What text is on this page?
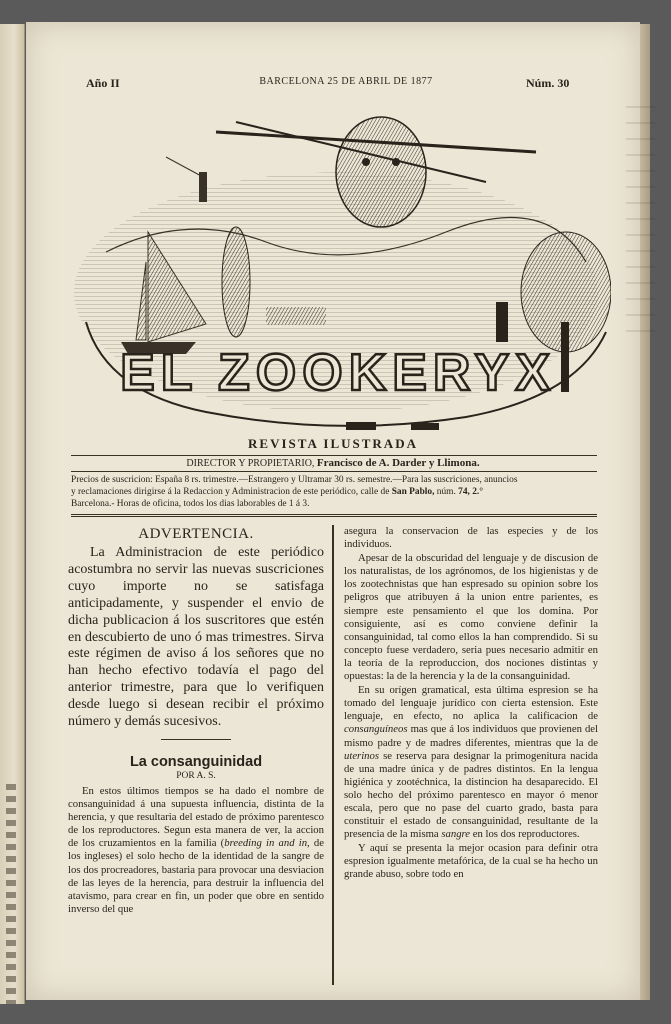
Año II	BARCELONA 25 DE ABRIL DE 1877	Núm. 30
EL ZOOKERYX
REVISTA ILUSTRADA
DIRECTOR Y PROPIETARIO, Francisco de A. Darder y Llimona.
Precios de suscricion: España 8 rs. trimestre.—Estrangero y Ultramar 30 rs. semestre.—Para las suscriciones, anuncios
y reclamaciones dirigirse á la Redaccion y Administracion de este periódico, calle de San Pablo, núm. 74, 2.°
Barcelona.- Horas de oficina, todos los dias laborables de 1 á 3.
ADVERTENCIA.

La Administracion de este periódico acostumbra no servir las nuevas suscriciones cuyo importe no se satisfaga anticipadamente, y suspender el envio de dicha publicacion á los suscritores que estén en descubierto de uno ó mas trimestres. Sirva este régimen de aviso á los señores que no han hecho efectivo todavía el pago del anterior trimestre, para que lo verifiquen desde luego si desean recibir el próximo número y demás sucesivos.

La consanguinidad
POR A. S.

En estos últimos tiempos se ha dado el nombre de consanguinidad á una supuesta influencia, distinta de la herencia, y que resultaria del estado de próximo parentesco de los reproductores. Segun esta manera de ver, la accion de los cruzamientos en la familia (breeding in and in, de los ingleses) el solo hecho de la identidad de la sangre de los dos procreadores, bastaria para provocar una desviacion de las leyes de la herencia, para destruir la influencia del atavismo, para crear en fin, un poder que obre en sentido inverso del que

asegura la conservacion de las especies y de los individuos.

Apesar de la obscuridad del lenguaje y de discusion de los naturalistas, de los agrónomos, de los higienistas y de los zootechnistas que han espresado su opinion sobre los peligros que atribuyen á la union entre parientes, es siempre este pensamiento el que los domina. Por consiguiente, así es como conviene definir la consanguinidad, tal como ellos la han comprendido. Si su concepto fuese verdadero, seria pues necesario admitir en la teoría de la reproduccion, dos nociones distintas y opuestas: la de la herencia y la de la consanguinidad.

En su orígen gramatical, esta última espresion se ha tomado del lenguaje jurídico con cierta estension. Este lenguaje, en efecto, no aplica la calificacion de consanguíneos mas que á los individuos que provienen del mismo padre y de madres diferentes, mientras que la de uterinos se reserva para designar la primogenitura nacida de una madre única y de padres distintos. En la lengua higiénica y zootéchnica, la distincion ha desaparecido. El solo hecho del próximo parentesco en mayor ó menor escala, pero que no pase del cuarto grado, basta para constituir el estado de consanguinidad, resultante de la presencia de la misma sangre en los dos reproductores.

Y aquí se presenta la mejor ocasion para definir otra espresion igualmente metafórica, de la cual se ha hecho un grande abuso, sobre todo en
